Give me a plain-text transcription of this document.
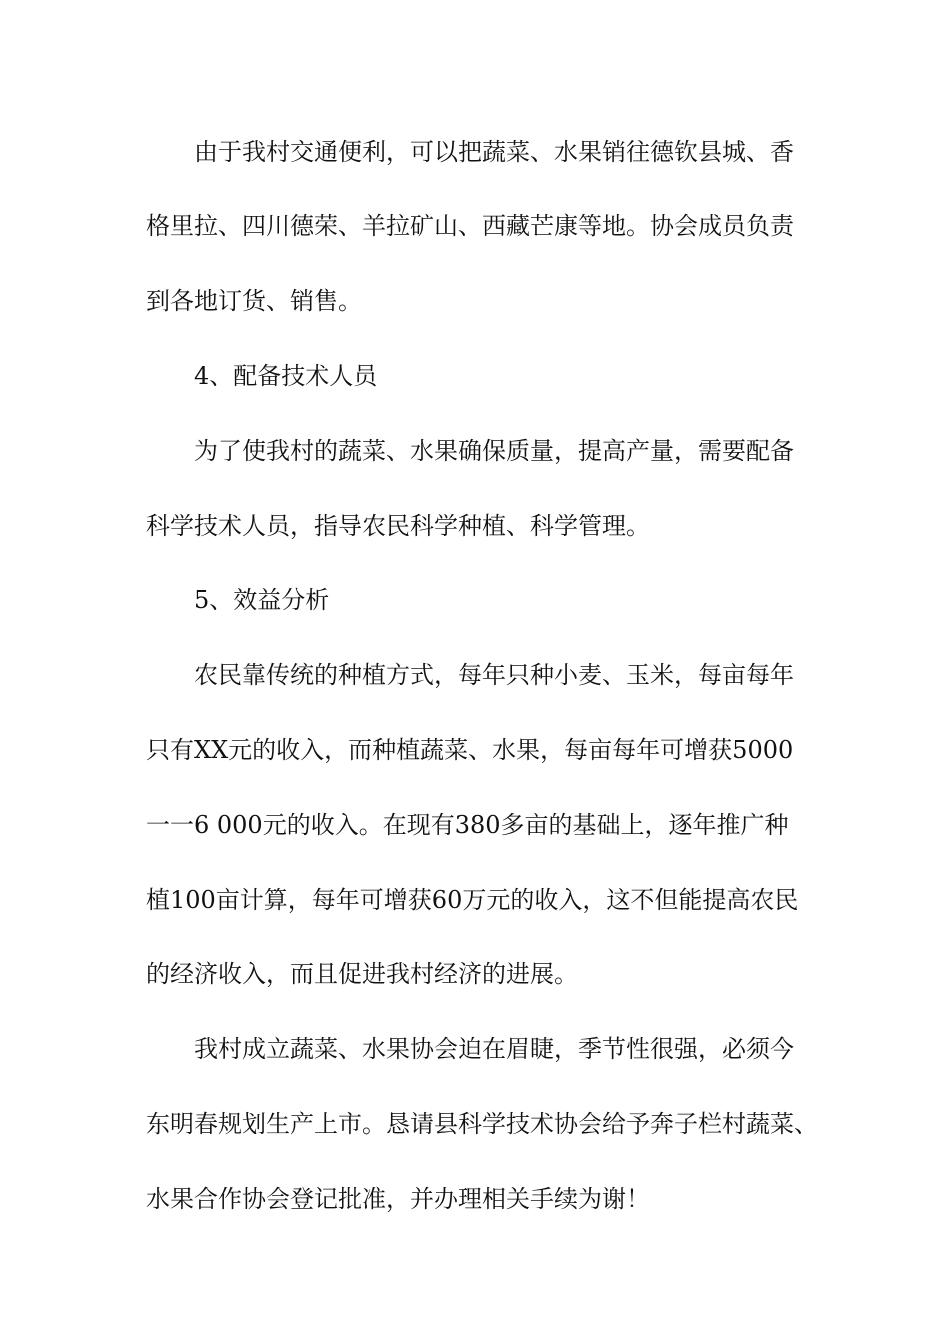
由于我村交通便利，可以把蔬菜、水果销往德钦县城、香
格里拉、四川德荣、羊拉矿山、西藏芒康等地。协会成员负责
到各地订货、销售。
4、配备技术人员
为了使我村的蔬菜、水果确保质量，提高产量，需要配备
科学技术人员，指导农民科学种植、科学管理。
5、效益分析
农民靠传统的种植方式，每年只种小麦、玉米，每亩每年
只有XX元的收入，而种植蔬菜、水果，每亩每年可增获5000
一一6 000元的收入。在现有380多亩的基础上，逐年推广种
植100亩计算，每年可增获60万元的收入，这不但能提高农民
的经济收入，而且促进我村经济的进展。
我村成立蔬菜、水果协会迫在眉睫，季节性很强，必须今
东明春规划生产上市。恳请县科学技术协会给予奔子栏村蔬菜、
水果合作协会登记批准，并办理相关手续为谢！
